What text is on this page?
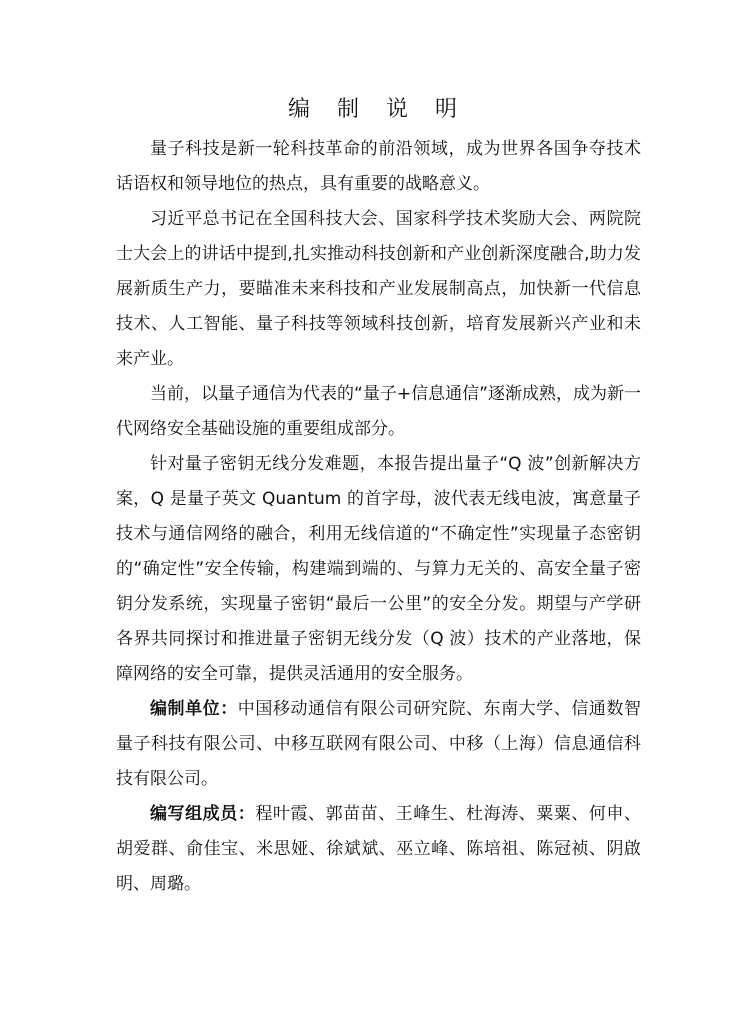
编 制 说 明

量子科技是新一轮科技革命的前沿领域，成为世界各国争夺技术话语权和领导地位的热点，具有重要的战略意义。

习近平总书记在全国科技大会、国家科学技术奖励大会、两院院士大会上的讲话中提到,扎实推动科技创新和产业创新深度融合,助力发展新质生产力，要瞄准未来科技和产业发展制高点，加快新一代信息技术、人工智能、量子科技等领域科技创新，培育发展新兴产业和未来产业。

当前，以量子通信为代表的“量子+信息通信”逐渐成熟，成为新一代网络安全基础设施的重要组成部分。

针对量子密钥无线分发难题，本报告提出量子“Q 波”创新解决方案，Q 是量子英文 Quantum 的首字母，波代表无线电波，寓意量子技术与通信网络的融合，利用无线信道的“不确定性”实现量子态密钥的“确定性”安全传输，构建端到端的、与算力无关的、高安全量子密钥分发系统，实现量子密钥“最后一公里”的安全分发。期望与产学研各界共同探讨和推进量子密钥无线分发（Q 波）技术的产业落地，保障网络的安全可靠，提供灵活通用的安全服务。

编制单位：中国移动通信有限公司研究院、东南大学、信通数智量子科技有限公司、中移互联网有限公司、中移（上海）信息通信科技有限公司。

编写组成员：程叶霞、郭苗苗、王峰生、杜海涛、粟粟、何申、胡爱群、俞佳宝、米思娅、徐斌斌、巫立峰、陈培祖、陈冠祯、阴啟明、周璐。
